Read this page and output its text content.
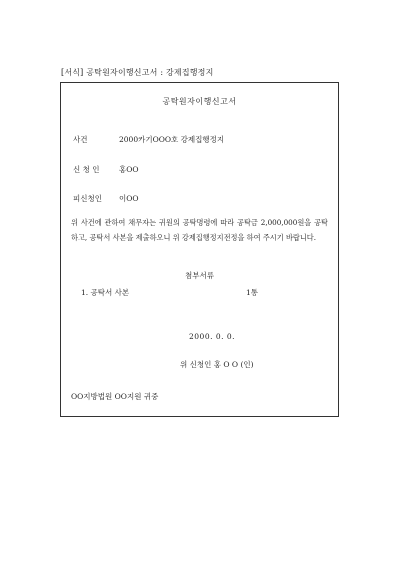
[서식] 공탁원자이행신고서 : 강제집행정지
공탁원자이행신고서
사건	2000카기OOO호 강제집행정지
신 청 인	홍OO
피신청인 이OO
위 사건에 관하여 채무자는 귀원의 공탁명령에 따라 공탁금 2,000,000원을 공탁하고, 공탁서 사본을 제출하오니 위 강제집행정지전정을 하여 주시기 바랍니다.
첨부서류
1. 공탁서 사본	1통
2000. 0. 0.
위 신청인 홍 O O (인)
OO지방법원 OO지원 귀중
